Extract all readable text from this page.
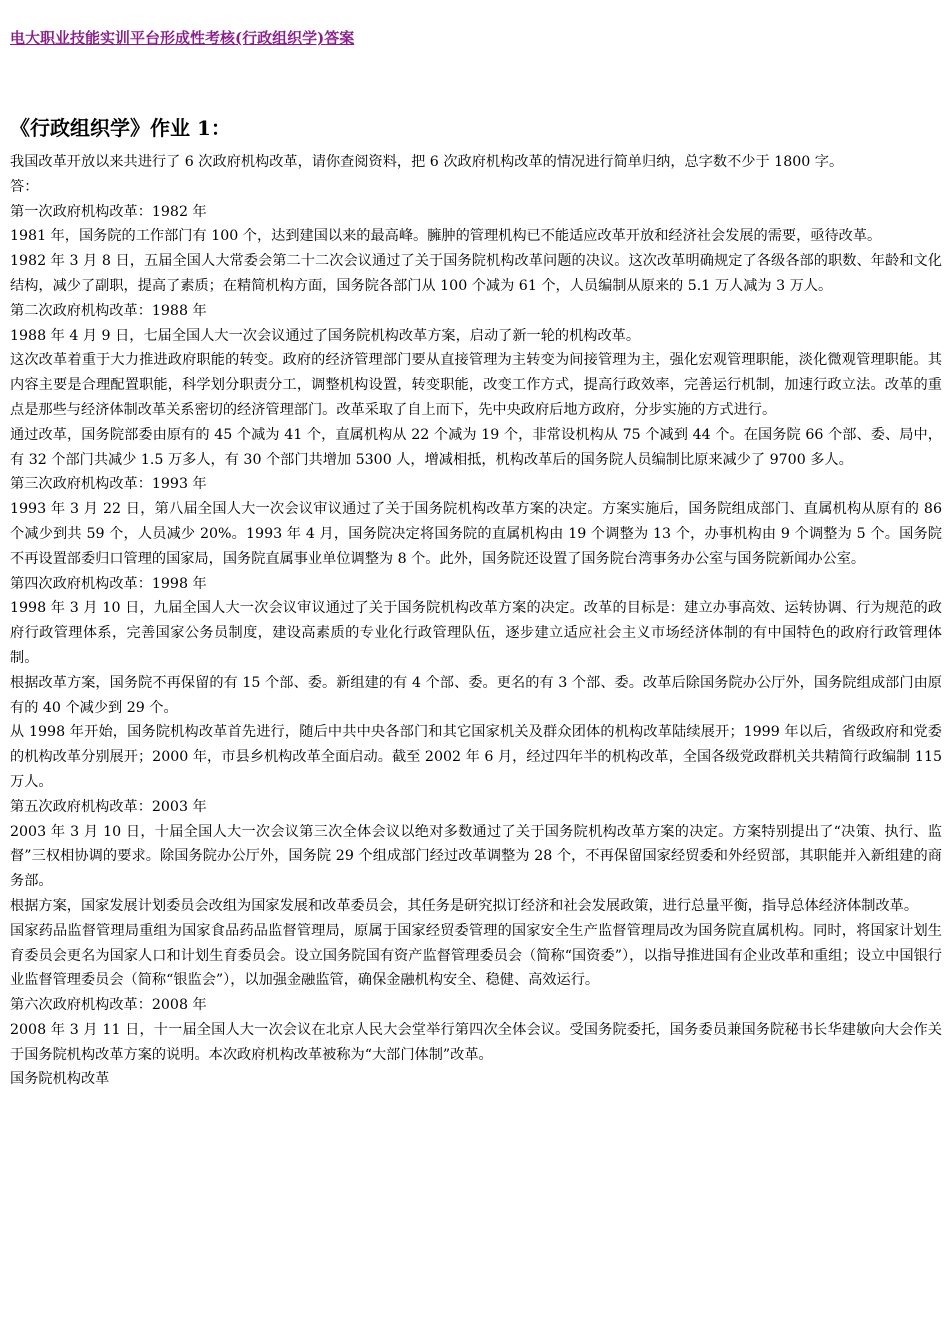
电大职业技能实训平台形成性考核(行政组织学)答案
《行政组织学》作业 1：

我国改革开放以来共进行了 6 次政府机构改革，请你查阅资料，把 6 次政府机构改革的情况进行简单归纳，总字数不少于 1800 字。

答：

第一次政府机构改革：1982 年

1981 年，国务院的工作部门有 100 个，达到建国以来的最高峰。臃肿的管理机构已不能适应改革开放和经济社会发展的需要，亟待改革。

1982 年 3 月 8 日，五届全国人大常委会第二十二次会议通过了关于国务院机构改革问题的决议。这次改革明确规定了各级各部的职数、年龄和文化结构，减少了副职，提高了素质；在精简机构方面，国务院各部门从 100 个减为 61 个，人员编制从原来的 5.1 万人减为 3 万人。

第二次政府机构改革：1988 年

1988 年 4 月 9 日，七届全国人大一次会议通过了国务院机构改革方案，启动了新一轮的机构改革。

这次改革着重于大力推进政府职能的转变。政府的经济管理部门要从直接管理为主转变为间接管理为主，强化宏观管理职能，淡化微观管理职能。其内容主要是合理配置职能，科学划分职责分工，调整机构设置，转变职能，改变工作方式，提高行政效率，完善运行机制，加速行政立法。改革的重点是那些与经济体制改革关系密切的经济管理部门。改革采取了自上而下，先中央政府后地方政府，分步实施的方式进行。

通过改革，国务院部委由原有的 45 个减为 41 个，直属机构从 22 个减为 19 个，非常设机构从 75 个减到 44 个。在国务院 66 个部、委、局中，有 32 个部门共减少 1.5 万多人，有 30 个部门共增加 5300 人，增减相抵，机构改革后的国务院人员编制比原来减少了 9700 多人。

第三次政府机构改革：1993 年

1993 年 3 月 22 日，第八届全国人大一次会议审议通过了关于国务院机构改革方案的决定。方案实施后，国务院组成部门、直属机构从原有的 86 个减少到共 59 个，人员减少 20%。1993 年 4 月，国务院决定将国务院的直属机构由 19 个调整为 13 个，办事机构由 9 个调整为 5 个。国务院不再设置部委归口管理的国家局，国务院直属事业单位调整为 8 个。此外，国务院还设置了国务院台湾事务办公室与国务院新闻办公室。

第四次政府机构改革：1998 年

1998 年 3 月 10 日，九届全国人大一次会议审议通过了关于国务院机构改革方案的决定。改革的目标是：建立办事高效、运转协调、行为规范的政府行政管理体系，完善国家公务员制度，建设高素质的专业化行政管理队伍，逐步建立适应社会主义市场经济体制的有中国特色的政府行政管理体制。

根据改革方案，国务院不再保留的有 15 个部、委。新组建的有 4 个部、委。更名的有 3 个部、委。改革后除国务院办公厅外，国务院组成部门由原有的 40 个减少到 29 个。

从 1998 年开始，国务院机构改革首先进行，随后中共中央各部门和其它国家机关及群众团体的机构改革陆续展开；1999 年以后，省级政府和党委的机构改革分别展开；2000 年，市县乡机构改革全面启动。截至 2002 年 6 月，经过四年半的机构改革，全国各级党政群机关共精简行政编制 115 万人。

第五次政府机构改革：2003 年

2003 年 3 月 10 日，十届全国人大一次会议第三次全体会议以绝对多数通过了关于国务院机构改革方案的决定。方案特别提出了“决策、执行、监督”三权相协调的要求。除国务院办公厅外，国务院 29 个组成部门经过改革调整为 28 个，不再保留国家经贸委和外经贸部，其职能并入新组建的商务部。

根据方案，国家发展计划委员会改组为国家发展和改革委员会，其任务是研究拟订经济和社会发展政策，进行总量平衡，指导总体经济体制改革。

国家药品监督管理局重组为国家食品药品监督管理局，原属于国家经贸委管理的国家安全生产监督管理局改为国务院直属机构。同时，将国家计划生育委员会更名为国家人口和计划生育委员会。设立国务院国有资产监督管理委员会（简称“国资委”），以指导推进国有企业改革和重组；设立中国银行业监督管理委员会（简称“银监会”），以加强金融监管，确保金融机构安全、稳健、高效运行。

第六次政府机构改革：2008 年

2008 年 3 月 11 日，十一届全国人大一次会议在北京人民大会堂举行第四次全体会议。受国务院委托，国务委员兼国务院秘书长华建敏向大会作关于国务院机构改革方案的说明。本次政府机构改革被称为“大部门体制”改革。

国务院机构改革
